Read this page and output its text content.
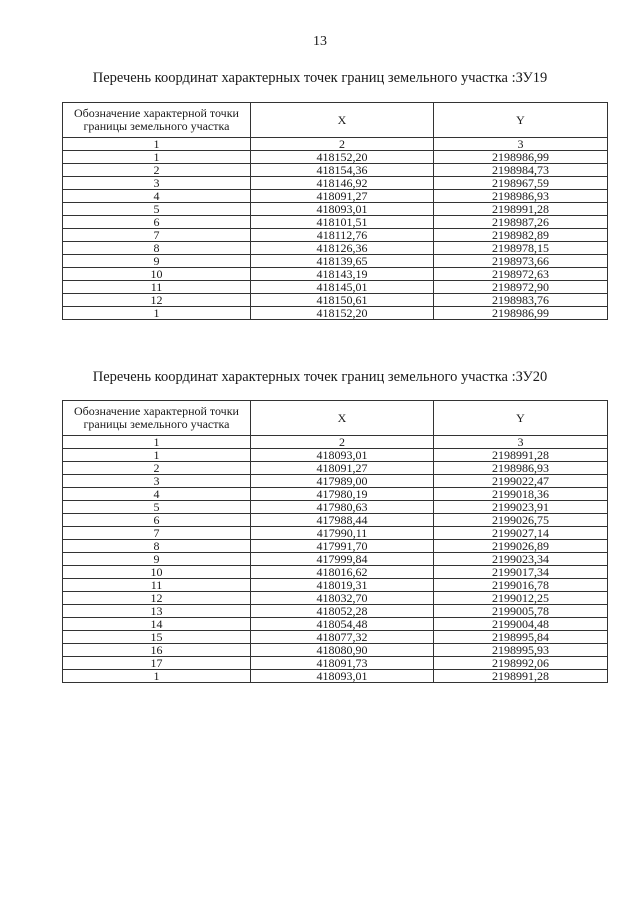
13
Перечень координат характерных точек границ земельного участка :ЗУ19
Обозначение характерной точки границы земельного участка	X	Y
1	2	3
1	418152,20	2198986,99
2	418154,36	2198984,73
3	418146,92	2198967,59
4	418091,27	2198986,93
5	418093,01	2198991,28
6	418101,51	2198987,26
7	418112,76	2198982,89
8	418126,36	2198978,15
9	418139,65	2198973,66
10	418143,19	2198972,63
11	418145,01	2198972,90
12	418150,61	2198983,76
1	418152,20	2198986,99
Перечень координат характерных точек границ земельного участка :ЗУ20
Обозначение характерной точки границы земельного участка	X	Y
1	2	3
1	418093,01	2198991,28
2	418091,27	2198986,93
3	417989,00	2199022,47
4	417980,19	2199018,36
5	417980,63	2199023,91
6	417988,44	2199026,75
7	417990,11	2199027,14
8	417991,70	2199026,89
9	417999,84	2199023,34
10	418016,62	2199017,34
11	418019,31	2199016,78
12	418032,70	2199012,25
13	418052,28	2199005,78
14	418054,48	2199004,48
15	418077,32	2198995,84
16	418080,90	2198995,93
17	418091,73	2198992,06
1	418093,01	2198991,28
